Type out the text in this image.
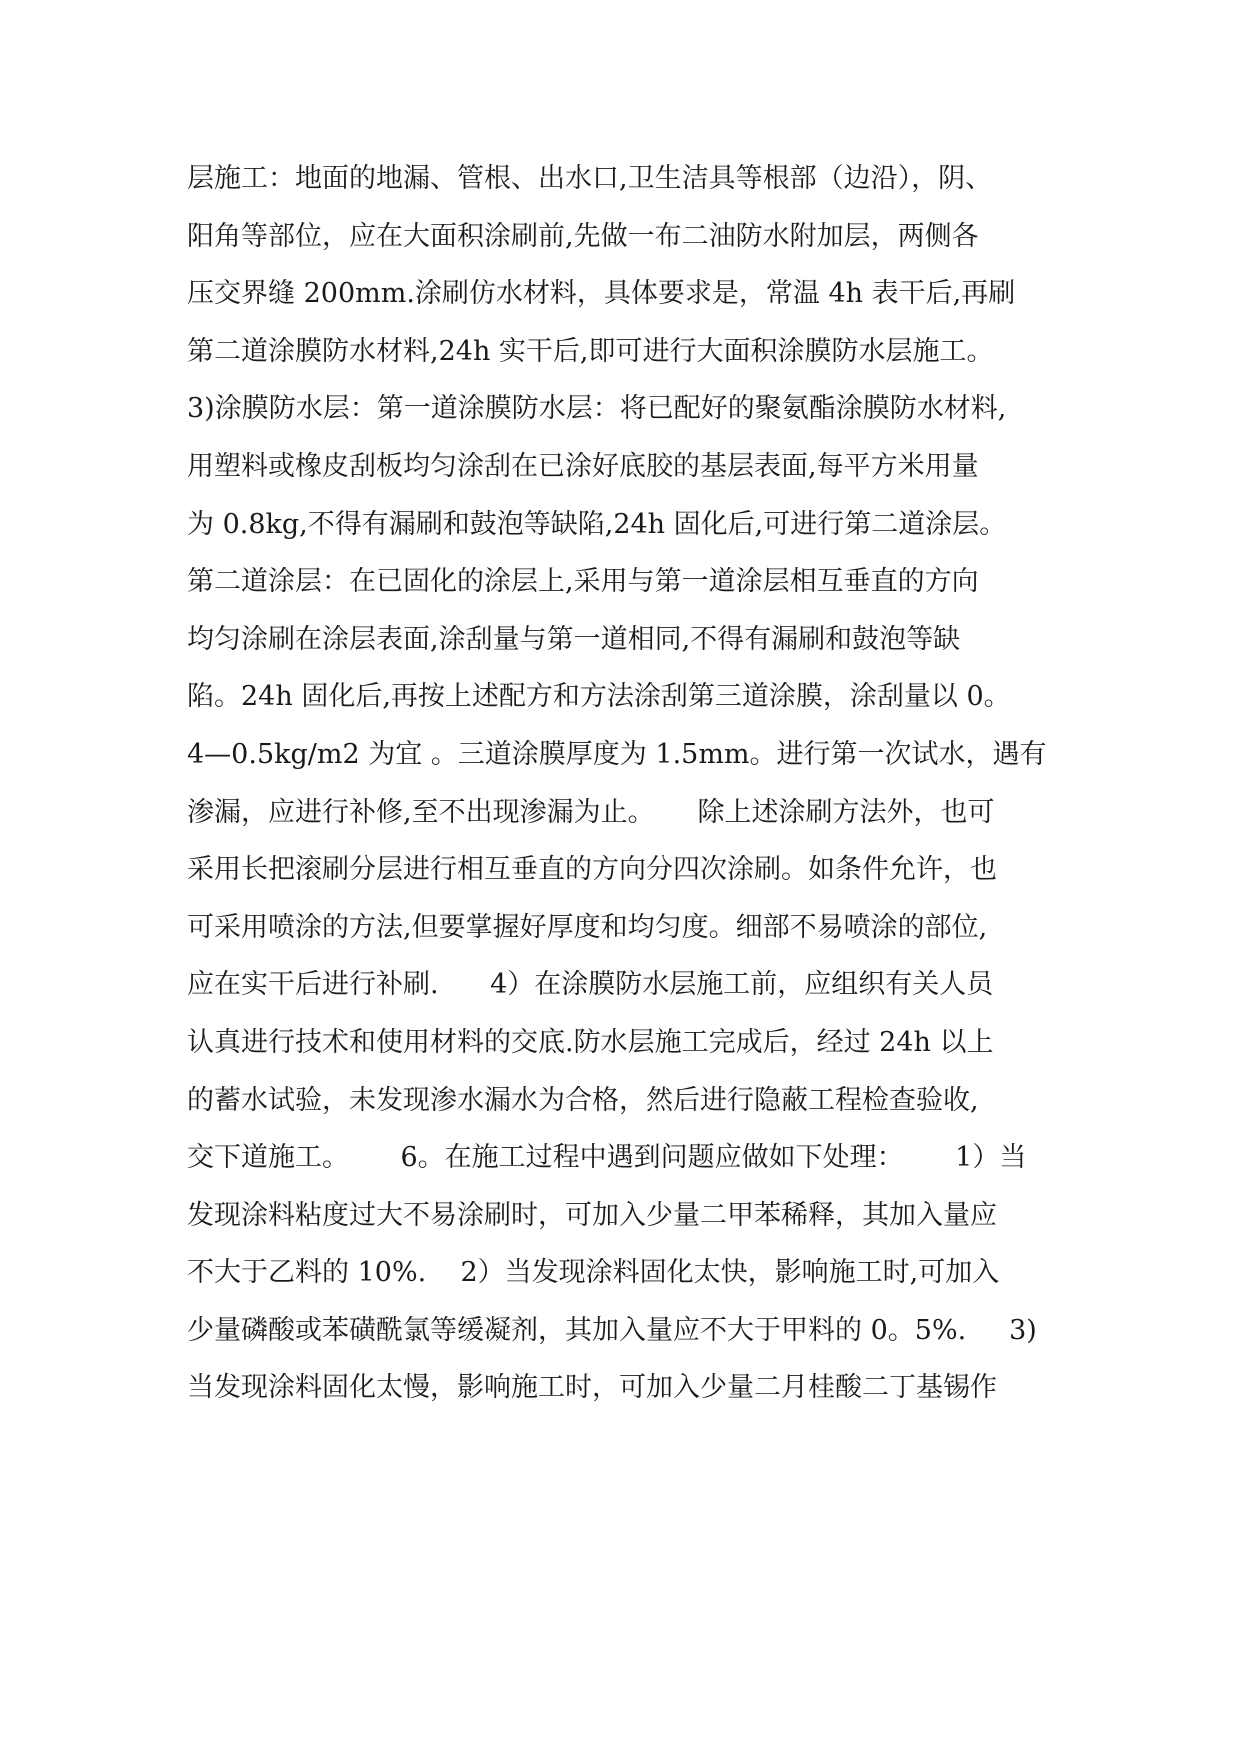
层施工：地面的地漏、管根、出水口,卫生洁具等根部（边沿），阴、
阳角等部位，应在大面积涂刷前,先做一布二油防水附加层，两侧各
压交界缝 200mm.涂刷仿水材料，具体要求是，常温 4h 表干后,再刷
第二道涂膜防水材料,24h 实干后,即可进行大面积涂膜防水层施工。
3)涂膜防水层：第一道涂膜防水层：将已配好的聚氨酯涂膜防水材料,
用塑料或橡皮刮板均匀涂刮在已涂好底胶的基层表面,每平方米用量
为 0.8kg,不得有漏刷和鼓泡等缺陷,24h 固化后,可进行第二道涂层。
第二道涂层：在已固化的涂层上,采用与第一道涂层相互垂直的方向
均匀涂刷在涂层表面,涂刮量与第一道相同,不得有漏刷和鼓泡等缺
陷。24h 固化后,再按上述配方和方法涂刮第三道涂膜，涂刮量以 0。
4—0.5kg/m2 为宜 。三道涂膜厚度为 1.5mm。进行第一次试水，遇有
渗漏，应进行补修,至不出现渗漏为止。     除上述涂刷方法外，也可
采用长把滚刷分层进行相互垂直的方向分四次涂刷。如条件允许，也
可采用喷涂的方法,但要掌握好厚度和均匀度。细部不易喷涂的部位,
应在实干后进行补刷.      4）在涂膜防水层施工前，应组织有关人员
认真进行技术和使用材料的交底.防水层施工完成后，经过 24h 以上
的蓄水试验，未发现渗水漏水为合格，然后进行隐蔽工程检查验收,
交下道施工。      6。在施工过程中遇到问题应做如下处理：      1）当
发现涂料粘度过大不易涂刷时，可加入少量二甲苯稀释，其加入量应
不大于乙料的 10%.    2）当发现涂料固化太快，影响施工时,可加入
少量磷酸或苯磺酰氯等缓凝剂，其加入量应不大于甲料的 0。5%.     3)
当发现涂料固化太慢，影响施工时，可加入少量二月桂酸二丁基锡作
